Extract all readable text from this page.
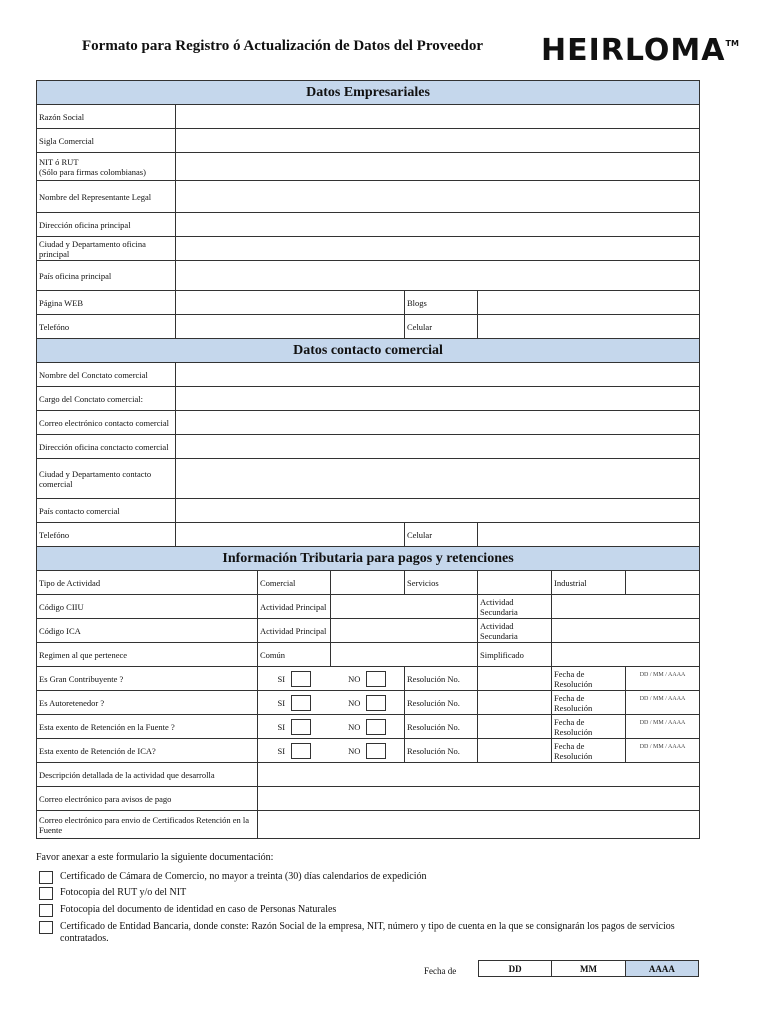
Formato para Registro ó Actualización de Datos del Proveedor HEIRLOMA™
Datos Empresariales							
Razón Social							
Sigla Comercial							
NIT ó RUT
(Sólo para firmas colombianas)							
Nombre del Representante Legal							
Dirección oficina principal							
Ciudad y Departamento oficina principal							
País oficina principal							
Página WEB				Blogs			
Telefóno				Celular			
Datos contacto comercial							
Nombre del Conctato comercial							
Cargo del Conctato comercial:							
Correo electrónico contacto comercial							
Dirección oficina conctacto comercial							
Ciudad y Departamento contacto comercial							
País contacto comercial							
Telefóno				Celular			
Información Tributaria para pagos y retenciones							
Tipo de Actividad		Comercial		Servicios		Industrial	
Código CIIU		Actividad Principal			Actividad Secundaria		
Código ICA		Actividad Principal			Actividad Secundaria		
Regimen al que pertenece		Común			Simplificado		
Es Gran Contribuyente ?		SI	NO	Resolución No.		Fecha de Resolución	DD / MM / AAAA

Es Autoretenedor ?		SI	NO	Resolución No.		Fecha de Resolución	DD / MM / AAAA

Esta exento de Retención en la Fuente ?		SI	NO	Resolución No.		Fecha de Resolución	DD / MM / AAAA

Esta exento de Retención de ICA?		SI	NO	Resolución No.		Fecha de Resolución	DD / MM / AAAA

Descripción detallada de la actividad que desarrolla							
Correo electrónico para avisos de pago							
Correo electrónico para envio de Certificados Retención en la Fuente							
Favor anexar a este formulario la siguiente documentación:
Certificado de Cámara de Comercio, no mayor a treinta (30) días calendarios de expedición
Fotocopia del RUT y/o del NIT
Fotocopia del documento de identidad en caso de Personas Naturales
Certificado de Entidad Bancaria, donde conste: Razón Social de la empresa, NIT, número y tipo de cuenta en la que se consignarán los pagos de servicios contratados.
Fecha de	DD	MM	AAAA
